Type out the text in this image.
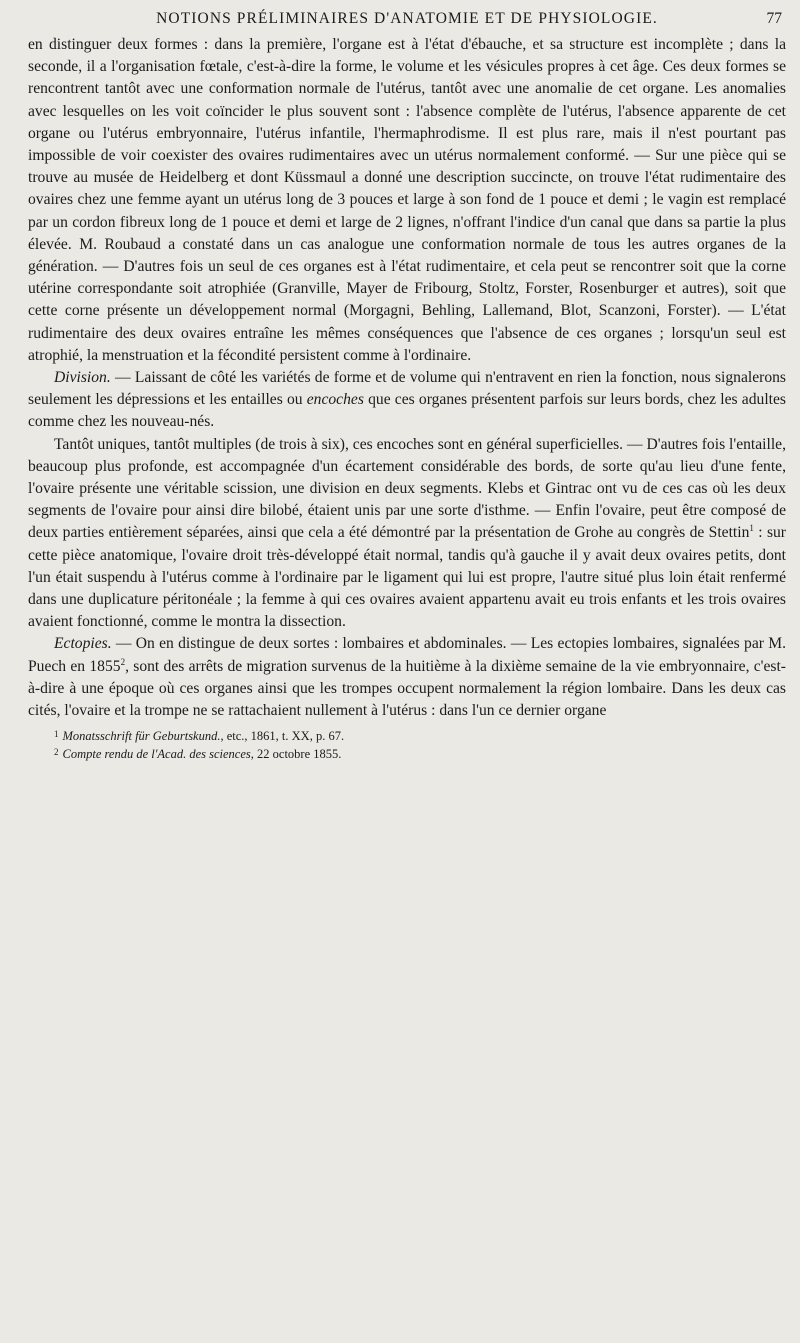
NOTIONS PRÉLIMINAIRES D'ANATOMIE ET DE PHYSIOLOGIE.	77

en distinguer deux formes : dans la première, l'organe est à l'état d'ébauche, et sa structure est incomplète ; dans la seconde, il a l'organisation fœtale, c'est-à-dire la forme, le volume et les vésicules propres à cet âge. Ces deux formes se rencontrent tantôt avec une conformation normale de l'utérus, tantôt avec une anomalie de cet organe. Les anomalies avec lesquelles on les voit coïncider le plus souvent sont : l'absence complète de l'utérus, l'absence apparente de cet organe ou l'utérus embryonnaire, l'utérus infantile, l'hermaphrodisme. Il est plus rare, mais il n'est pourtant pas impossible de voir coexister des ovaires rudimentaires avec un utérus normalement conformé. — Sur une pièce qui se trouve au musée de Heidelberg et dont Küssmaul a donné une description succincte, on trouve l'état rudimentaire des ovaires chez une femme ayant un utérus long de 3 pouces et large à son fond de 1 pouce et demi ; le vagin est remplacé par un cordon fibreux long de 1 pouce et demi et large de 2 lignes, n'offrant l'indice d'un canal que dans sa partie la plus élevée. M. Roubaud a constaté dans un cas analogue une conformation normale de tous les autres organes de la génération. — D'autres fois un seul de ces organes est à l'état rudimentaire, et cela peut se rencontrer soit que la corne utérine correspondante soit atrophiée (Granville, Mayer de Fribourg, Stoltz, Forster, Rosenburger et autres), soit que cette corne présente un développement normal (Morgagni, Behling, Lallemand, Blot, Scanzoni, Forster). — L'état rudimentaire des deux ovaires entraîne les mêmes conséquences que l'absence de ces organes ; lorsqu'un seul est atrophié, la menstruation et la fécondité persistent comme à l'ordinaire.

Division. — Laissant de côté les variétés de forme et de volume qui n'entravent en rien la fonction, nous signalerons seulement les dépressions et les entailles ou encoches que ces organes présentent parfois sur leurs bords, chez les adultes comme chez les nouveau-nés.

Tantôt uniques, tantôt multiples (de trois à six), ces encoches sont en général superficielles. — D'autres fois l'entaille, beaucoup plus profonde, est accompagnée d'un écartement considérable des bords, de sorte qu'au lieu d'une fente, l'ovaire présente une véritable scission, une division en deux segments. Klebs et Gintrac ont vu de ces cas où les deux segments de l'ovaire pour ainsi dire bilobé, étaient unis par une sorte d'isthme. — Enfin l'ovaire, peut être composé de deux parties entièrement séparées, ainsi que cela a été démontré par la présentation de Grohe au congrès de Stettin$^1$ : sur cette pièce anatomique, l'ovaire droit très-développé était normal, tandis qu'à gauche il y avait deux ovaires petits, dont l'un était suspendu à l'utérus comme à l'ordinaire par le ligament qui lui est propre, l'autre situé plus loin était renfermé dans une duplicature péritonéale ; la femme à qui ces ovaires avaient appartenu avait eu trois enfants et les trois ovaires avaient fonctionné, comme le montra la dissection.

Ectopies. — On en distingue de deux sortes : lombaires et abdominales. — Les ectopies lombaires, signalées par M. Puech en 1855$^2$, sont des arrêts de migration survenus de la huitième à la dixième semaine de la vie embryonnaire, c'est-à-dire à une époque où ces organes ainsi que les trompes occupent normalement la région lombaire. Dans les deux cas cités, l'ovaire et la trompe ne se rattachaient nullement à l'utérus : dans l'un ce dernier organe

$^1$ Monatsschrift für Geburtskund., etc., 1861, t. XX, p. 67.

$^2$ Compte rendu de l'Acad. des sciences, 22 octobre 1855.
